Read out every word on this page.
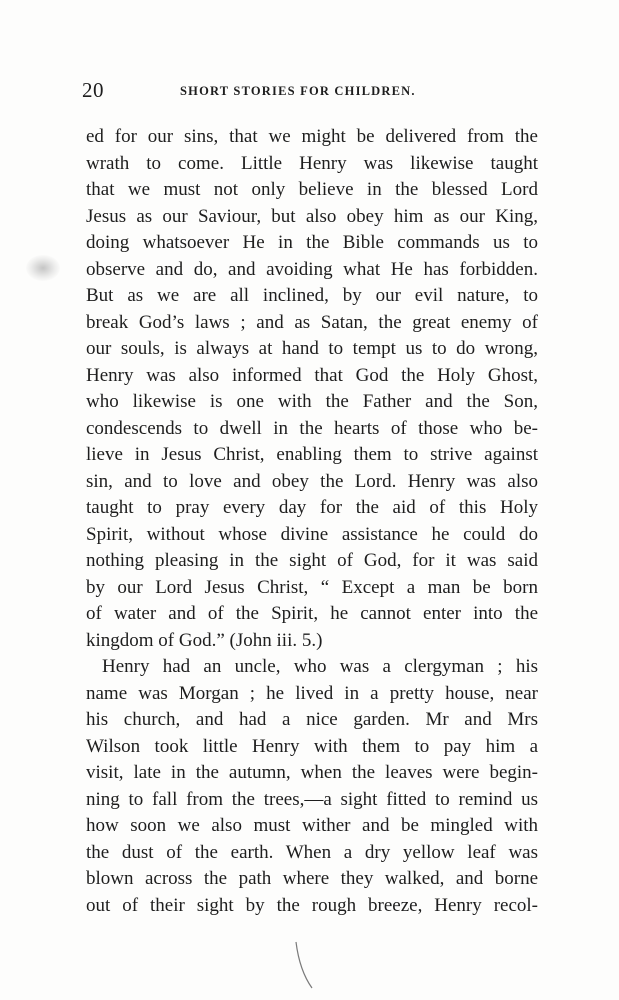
20	SHORT STORIES FOR CHILDREN.
ed for our sins, that we might be delivered from the
wrath to come. Little Henry was likewise taught
that we must not only believe in the blessed Lord
Jesus as our Saviour, but also obey him as our King,
doing whatsoever He in the Bible commands us to
observe and do, and avoiding what He has forbidden.
But as we are all inclined, by our evil nature, to
break God’s laws ; and as Satan, the great enemy of
our souls, is always at hand to tempt us to do wrong,
Henry was also informed that God the Holy Ghost,
who likewise is one with the Father and the Son,
condescends to dwell in the hearts of those who be-
lieve in Jesus Christ, enabling them to strive against
sin, and to love and obey the Lord. Henry was also
taught to pray every day for the aid of this Holy
Spirit, without whose divine assistance he could do
nothing pleasing in the sight of God, for it was said
by our Lord Jesus Christ, “ Except a man be born
of water and of the Spirit, he cannot enter into the
kingdom of God.” (John iii. 5.)
Henry had an uncle, who was a clergyman ; his
name was Morgan ; he lived in a pretty house, near
his church, and had a nice garden. Mr and Mrs
Wilson took little Henry with them to pay him a
visit, late in the autumn, when the leaves were begin-
ning to fall from the trees,—a sight fitted to remind us
how soon we also must wither and be mingled with
the dust of the earth. When a dry yellow leaf was
blown across the path where they walked, and borne
out of their sight by the rough breeze, Henry recol-
